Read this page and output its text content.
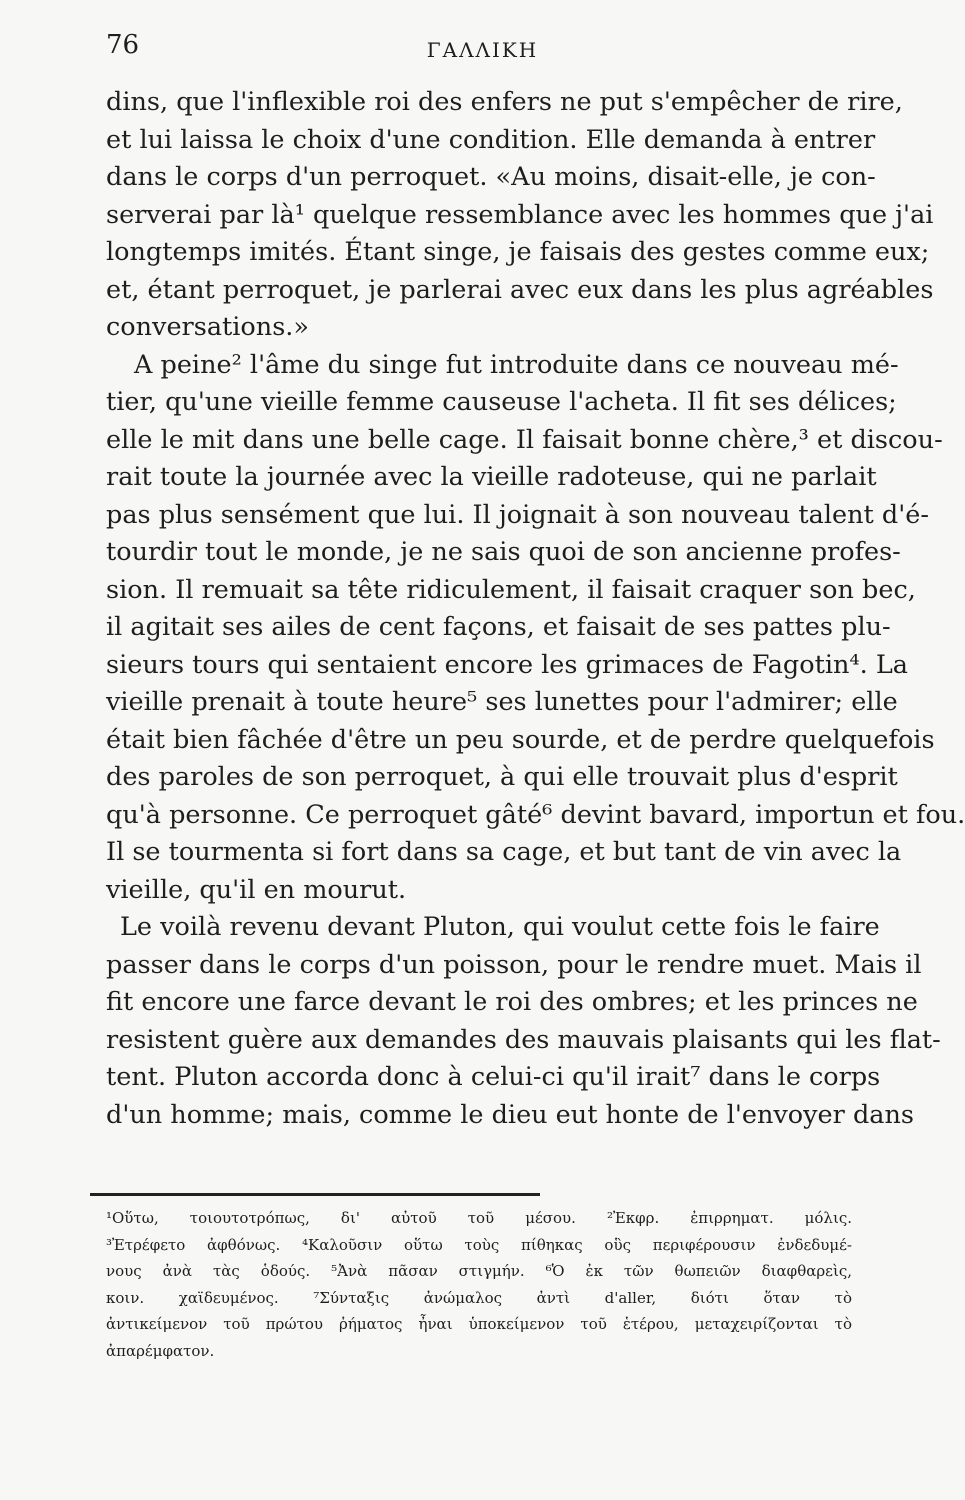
76	ΓΑΛΛΙΚΗ
dins, que l'inflexible roi des enfers ne put s'empêcher de rire,
et lui laissa le choix d'une condition. Elle demanda à entrer
dans le corps d'un perroquet. «Au moins, disait-elle, je con-
serverai par là¹ quelque ressemblance avec les hommes que j'ai
longtemps imités. Étant singe, je faisais des gestes comme eux;
et, étant perroquet, je parlerai avec eux dans les plus agréables
conversations.»
A peine² l'âme du singe fut introduite dans ce nouveau mé-
tier, qu'une vieille femme causeuse l'acheta. Il fit ses délices;
elle le mit dans une belle cage. Il faisait bonne chère,³ et discou-
rait toute la journée avec la vieille radoteuse, qui ne parlait
pas plus sensément que lui. Il joignait à son nouveau talent d'é-
tourdir tout le monde, je ne sais quoi de son ancienne profes-
sion. Il remuait sa tête ridiculement, il faisait craquer son bec,
il agitait ses ailes de cent façons, et faisait de ses pattes plu-
sieurs tours qui sentaient encore les grimaces de Fagotin⁴. La
vieille prenait à toute heure⁵ ses lunettes pour l'admirer; elle
était bien fâchée d'être un peu sourde, et de perdre quelquefois
des paroles de son perroquet, à qui elle trouvait plus d'esprit
qu'à personne. Ce perroquet gâté⁶ devint bavard, importun et fou.
Il se tourmenta si fort dans sa cage, et but tant de vin avec la
vieille, qu'il en mourut.
Le voilà revenu devant Pluton, qui voulut cette fois le faire
passer dans le corps d'un poisson, pour le rendre muet. Mais il
fit encore une farce devant le roi des ombres; et les princes ne
resistent guère aux demandes des mauvais plaisants qui les flat-
tent. Pluton accorda donc à celui-ci qu'il irait⁷ dans le corps
d'un homme; mais, comme le dieu eut honte de l'envoyer dans
¹Οὕτω, τοιουτοτρόπως, δι' αὐτοῦ τοῦ μέσου. ²Ἐκφρ. ἐπιρρηματ. μόλις.
³Ἐτρέφετο ἀφθόνως. ⁴Καλοῦσιν οὕτω τοὺς πίθηκας οὓς περιφέρουσιν ἐνδεδυμέ-
νους ἀνὰ τὰς ὁδούς. ⁵Ἀνὰ πᾶσαν στιγμήν. ⁶Ὁ ἐκ τῶν θωπειῶν διαφθαρεὶς,
κοιν. χαϊδευμένος. ⁷Σύνταξις ἀνώμαλος ἀντὶ d'aller, διότι ὅταν τὸ
ἀντικείμενον τοῦ πρώτου ῥήματος ἦναι ὑποκείμενον τοῦ ἑτέρου, μεταχειρίζονται τὸ
ἀπαρέμφατον.
